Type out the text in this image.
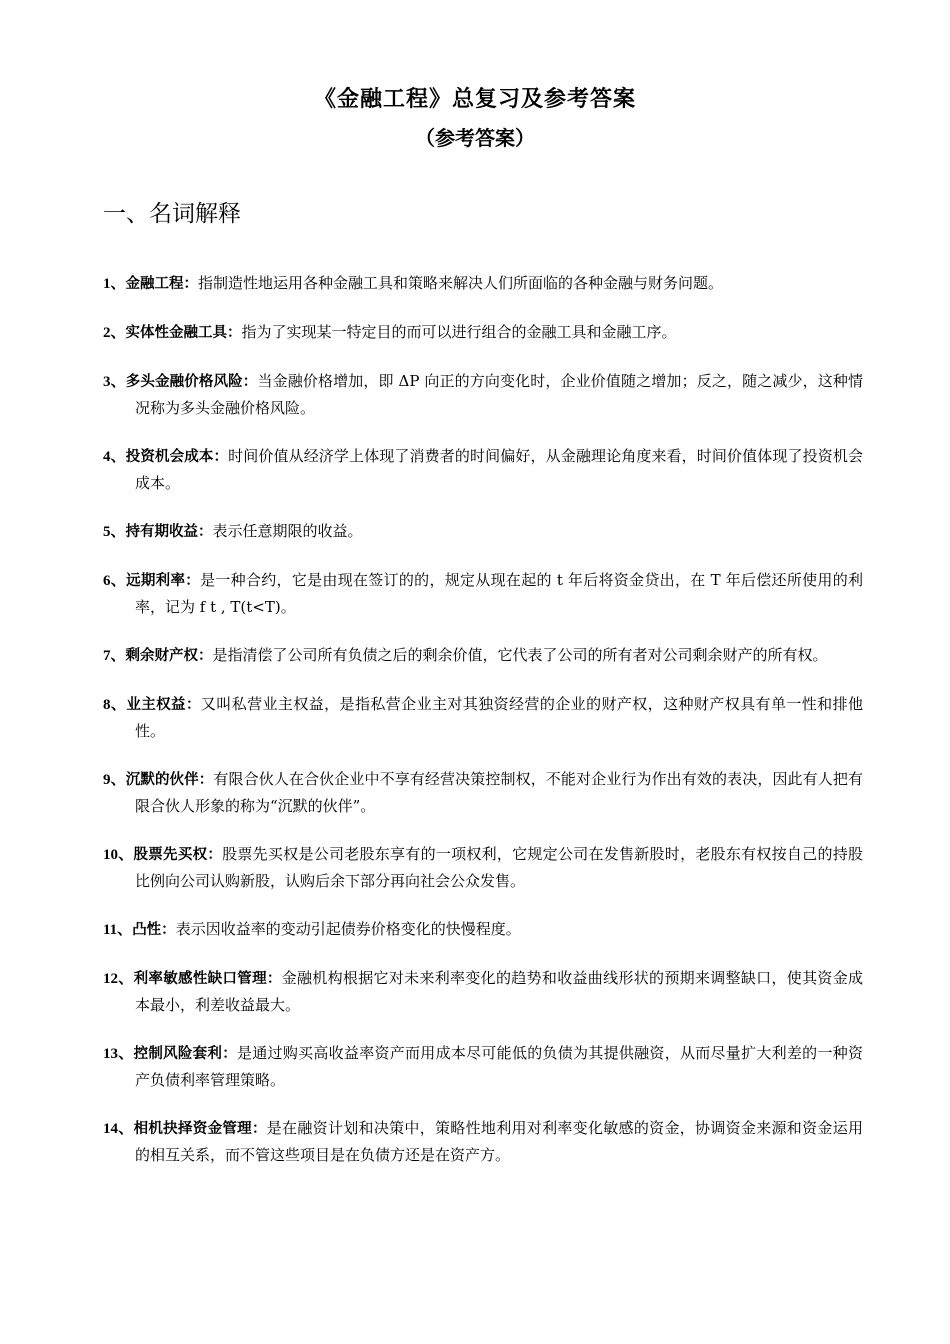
《金融工程》总复习及参考答案
（参考答案）
一、名词解释
1、金融工程：指制造性地运用各种金融工具和策略来解决人们所面临的各种金融与财务问题。
2、实体性金融工具：指为了实现某一特定目的而可以进行组合的金融工具和金融工序。
3、多头金融价格风险：当金融价格增加，即 ΔP 向正的方向变化时，企业价值随之增加；反之，随之减少，这种情况称为多头金融价格风险。
4、投资机会成本：时间价值从经济学上体现了消费者的时间偏好，从金融理论角度来看，时间价值体现了投资机会成本。
5、持有期收益：表示任意期限的收益。
6、远期利率：是一种合约，它是由现在签订的的，规定从现在起的 t 年后将资金贷出，在 T 年后偿还所使用的利率，记为 f t , T(t<T)。
7、剩余财产权：是指清偿了公司所有负债之后的剩余价值，它代表了公司的所有者对公司剩余财产的所有权。
8、业主权益：又叫私营业主权益，是指私营企业主对其独资经营的企业的财产权，这种财产权具有单一性和排他性。
9、沉默的伙伴：有限合伙人在合伙企业中不享有经营决策控制权，不能对企业行为作出有效的表决，因此有人把有限合伙人形象的称为“沉默的伙伴”。
10、股票先买权：股票先买权是公司老股东享有的一项权利，它规定公司在发售新股时，老股东有权按自己的持股比例向公司认购新股，认购后余下部分再向社会公众发售。
11、凸性：表示因收益率的变动引起债券价格变化的快慢程度。
12、利率敏感性缺口管理：金融机构根据它对未来利率变化的趋势和收益曲线形状的预期来调整缺口，使其资金成本最小，利差收益最大。
13、控制风险套利：是通过购买高收益率资产而用成本尽可能低的负债为其提供融资，从而尽量扩大利差的一种资产负债利率管理策略。
14、相机抉择资金管理：是在融资计划和决策中，策略性地利用对利率变化敏感的资金，协调资金来源和资金运用的相互关系，而不管这些项目是在负债方还是在资产方。
